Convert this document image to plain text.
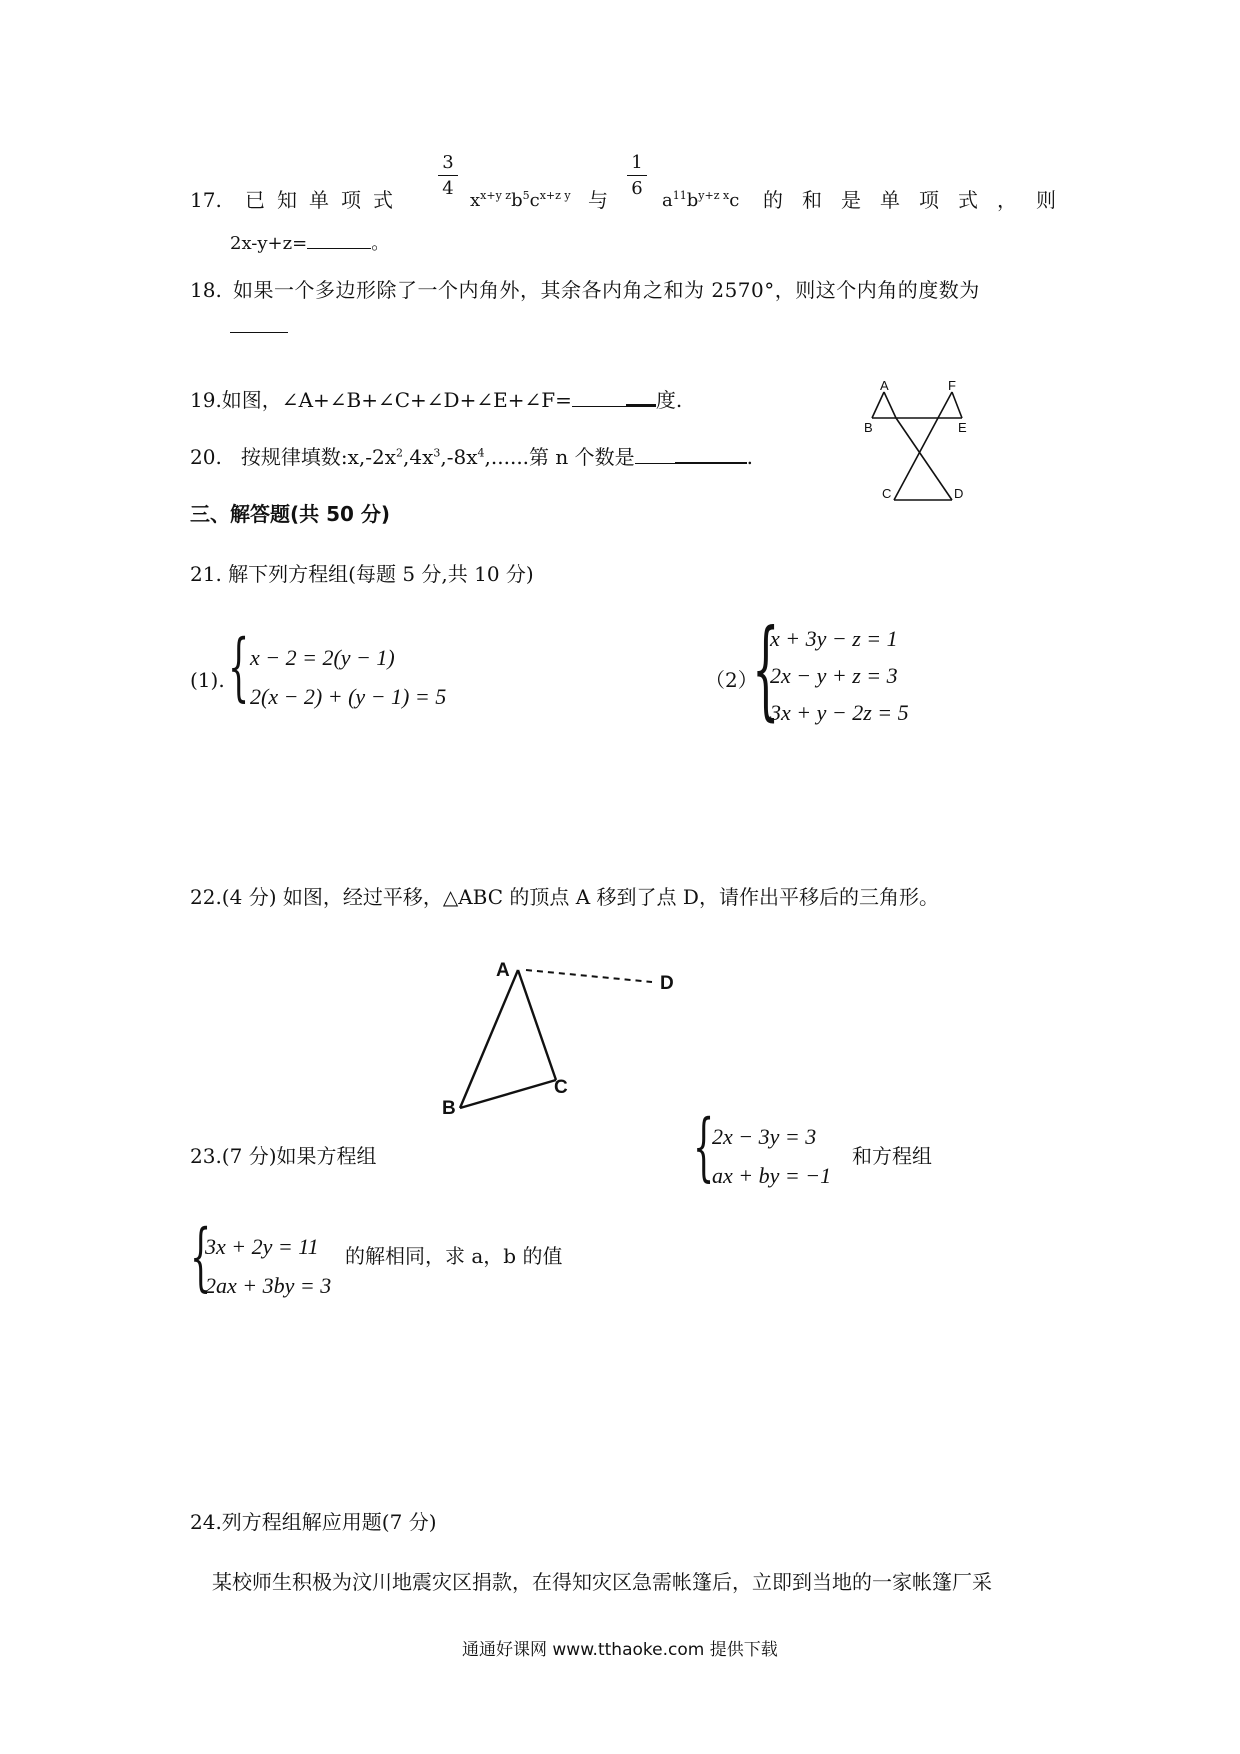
17. 已知单项式
3
4
$x^{x+y z}b^5c^{x+z y}$ 与
1
6
$a^{11}b^{y+z x}c$ 的和是单项式，则
2x-y+z=	。
18. 如果一个多边形除了一个内角外，其余各内角之和为 2570°，则这个内角的度数为
19.如图，∠A+∠B+∠C+∠D+∠E+∠F=	度.
20. 按规律填数$:x,-2x^2,4x^3,-8x^4$,......第 n 个数是	.
A	F
B	E
C	D
三、解答题(共 50 分)
21. 解下列方程组(每题 5 分,共 10 分)
(1). { x − 2 = 2(y − 1)
2(x − 2) + (y − 1) = 5
（2）
{
x + 3y − z = 1
2x − y + z = 3
3x + y − 2z = 5
22.(4 分) 如图，经过平移，△ABC 的顶点 A 移到了点 D，请作出平移后的三角形。
A
D
B
C
23.(7 分)如果方程组	{
2x − 3y = 3
ax + by = −1
和方程组
{
3x + 2y = 11
2ax + 3by = 3
的解相同，求 a，b 的值
24.列方程组解应用题(7 分)
某校师生积极为汶川地震灾区捐款，在得知灾区急需帐篷后，立即到当地的一家帐篷厂采
通通好课网 www.tthaoke.com 提供下载
